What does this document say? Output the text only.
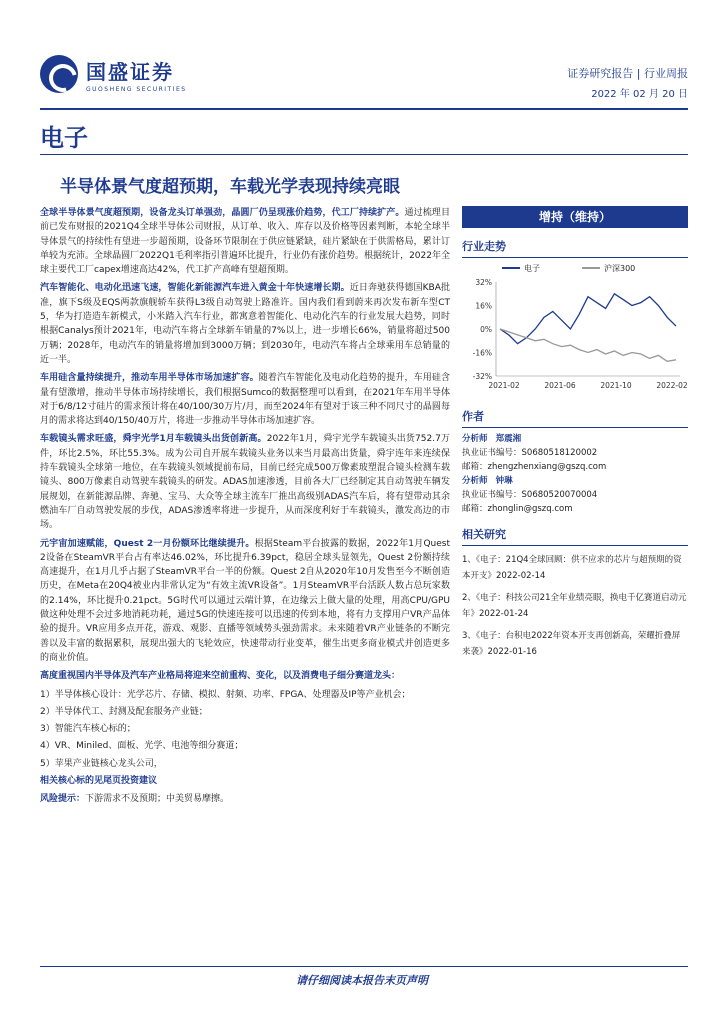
国盛证券
GUOSHENG SECURITIES
证券研究报告 | 行业周报
2022 年 02 月 20 日
电子
半导体景气度超预期，车载光学表现持续亮眼

全球半导体景气度超预期，设备龙头订单强劲，晶圆厂仍呈现涨价趋势，代工厂持续扩产。通过梳理目前已发布财报的2021Q4全球半导体公司财报，从订单、收入、库存以及价格等因素判断，本轮全球半导体景气的持续性有望进一步超预期，设备环节限制在于供应链紧缺，硅片紧缺在于供需格局，累计订单较为充沛。全球晶圆厂2022Q1毛利率指引普遍环比提升，行业仍有涨价趋势。根据统计，2022年全球主要代工厂capex增速高达42%，代工扩产高峰有望超预期。

汽车智能化、电动化迅速飞速，智能化新能源汽车进入黄金十年快速增长期。近日奔驰获得德国KBA批准，旗下S级及EQS两款旗舰轿车获得L3级自动驾驶上路准许。国内我们看到蔚来再次发布新车型CT 5，华为打造造车新模式，小米踏入汽车行业，都寓意着智能化、电动化汽车的行业发展大趋势，同时根据Canalys预计2021年，电动汽车将占全球新车销量的7%以上，进一步增长66%，销量将超过500万辆；2028年，电动汽车的销量将增加到3000万辆；到2030年，电动汽车将占全球乘用车总销量的近一半。

车用硅含量持续提升，推动车用半导体市场加速扩容。随着汽车智能化及电动化趋势的提升，车用硅含量有望激增，推动半导体市场持续增长，我们根据Sumco的数据整理可以看到，在2021年车用半导体对于6/8/12寸硅片的需求预计将在40/100/30万片/月，而至2024年有望对于该三种不同尺寸的晶圆每月的需求将达到40/150/40万片，将进一步推动半导体市场加速扩容。

车载镜头需求旺盛，舜宇光学1月车载镜头出货创新高。2022年1月，舜宇光学车载镜头出货752.7万件，环比2.5%，环比55.3%。成为公司自开展车载镜头业务以来当月最高出货量，舜宇连年来连续保持车载镜头全球第一地位，在车载镜头领域提前布局，目前已经完成500万像素玻塑混合镜头检测车载镜头、800万像素自动驾驶车载镜头的研发。ADAS加速渗透，目前各大厂已经制定其自动驾驶车辆发展规划，在新能源品牌、奔驰、宝马、大众等全球主流车厂推出高级别ADAS汽车后，将有望带动其余燃油车厂自动驾驶发展的步伐，ADAS渗透率将进一步提升，从而深度利好于车载镜头，激发高边的市场。

元宇宙加速赋能，Quest 2一月份额环比继续提升。根据Steam平台披露的数据，2022年1月Quest 2设备在SteamVR平台占有率达46.02%，环比提升6.39pct，稳居全球头显领先，Quest 2份额持续高速提升，在1月几乎占据了SteamVR平台一半的份额。Quest 2自从2020年10月发售至今不断创造历史，在Meta在20Q4被业内非常认定为“有效主流VR设备”。1月SteamVR平台活跃人数占总玩家数的2.14%，环比提升0.21pct。5G时代可以通过云端计算，在边缘云上做大量的处理，用高CPU/GPU做这种处理不会过多地消耗功耗，通过5G的快速连接可以迅速的传到本地，将有力支撑用户VR产品体验的提升。VR应用多点开花，游戏、观影、直播等领域势头强劲需求。未来随着VR产业链条的不断完善以及丰富的数据累积，展现出强大的飞轮效应，快速带动行业变革，催生出更多商业模式并创造更多的商业价值。

高度重视国内半导体及汽车产业格局将迎来空前重构、变化，以及消费电子细分赛道龙头：

1）半导体核心设计：光学芯片、存储、模拟、射频、功率、FPGA、处理器及IP等产业机会；
2）半导体代工、封测及配套服务产业链；
3）智能汽车核心标的；
4）VR、Miniled、面板、光学、电池等细分赛道；
5）苹果产业链核心龙头公司，

相关核心标的见尾页投资建议

风险提示：下游需求不及预期；中美贸易摩擦。

增持（维持）
行业走势
电子	沪深300
32%
16%
0%
-16%
-32%
2021-02	2021-06	2021-10	2022-02
作者
分析师 郑震湘
执业证书编号：S0680518120002
邮箱：zhengzhenxiang@gszq.com
分析师 钟琳
执业证书编号：S0680520070004
邮箱：zhonglin@gszq.com
相关研究
1、《电子：21Q4全球回顾：供不应求的芯片与超预期的资本开支》2022-02-14
2、《电子：科技公司21全年业绩亮眼，换电千亿赛道启动元年》2022-01-24
3、《电子：台积电2022年资本开支再创新高，荣耀折叠屏来袭》2022-01-16
请仔细阅读本报告末页声明
